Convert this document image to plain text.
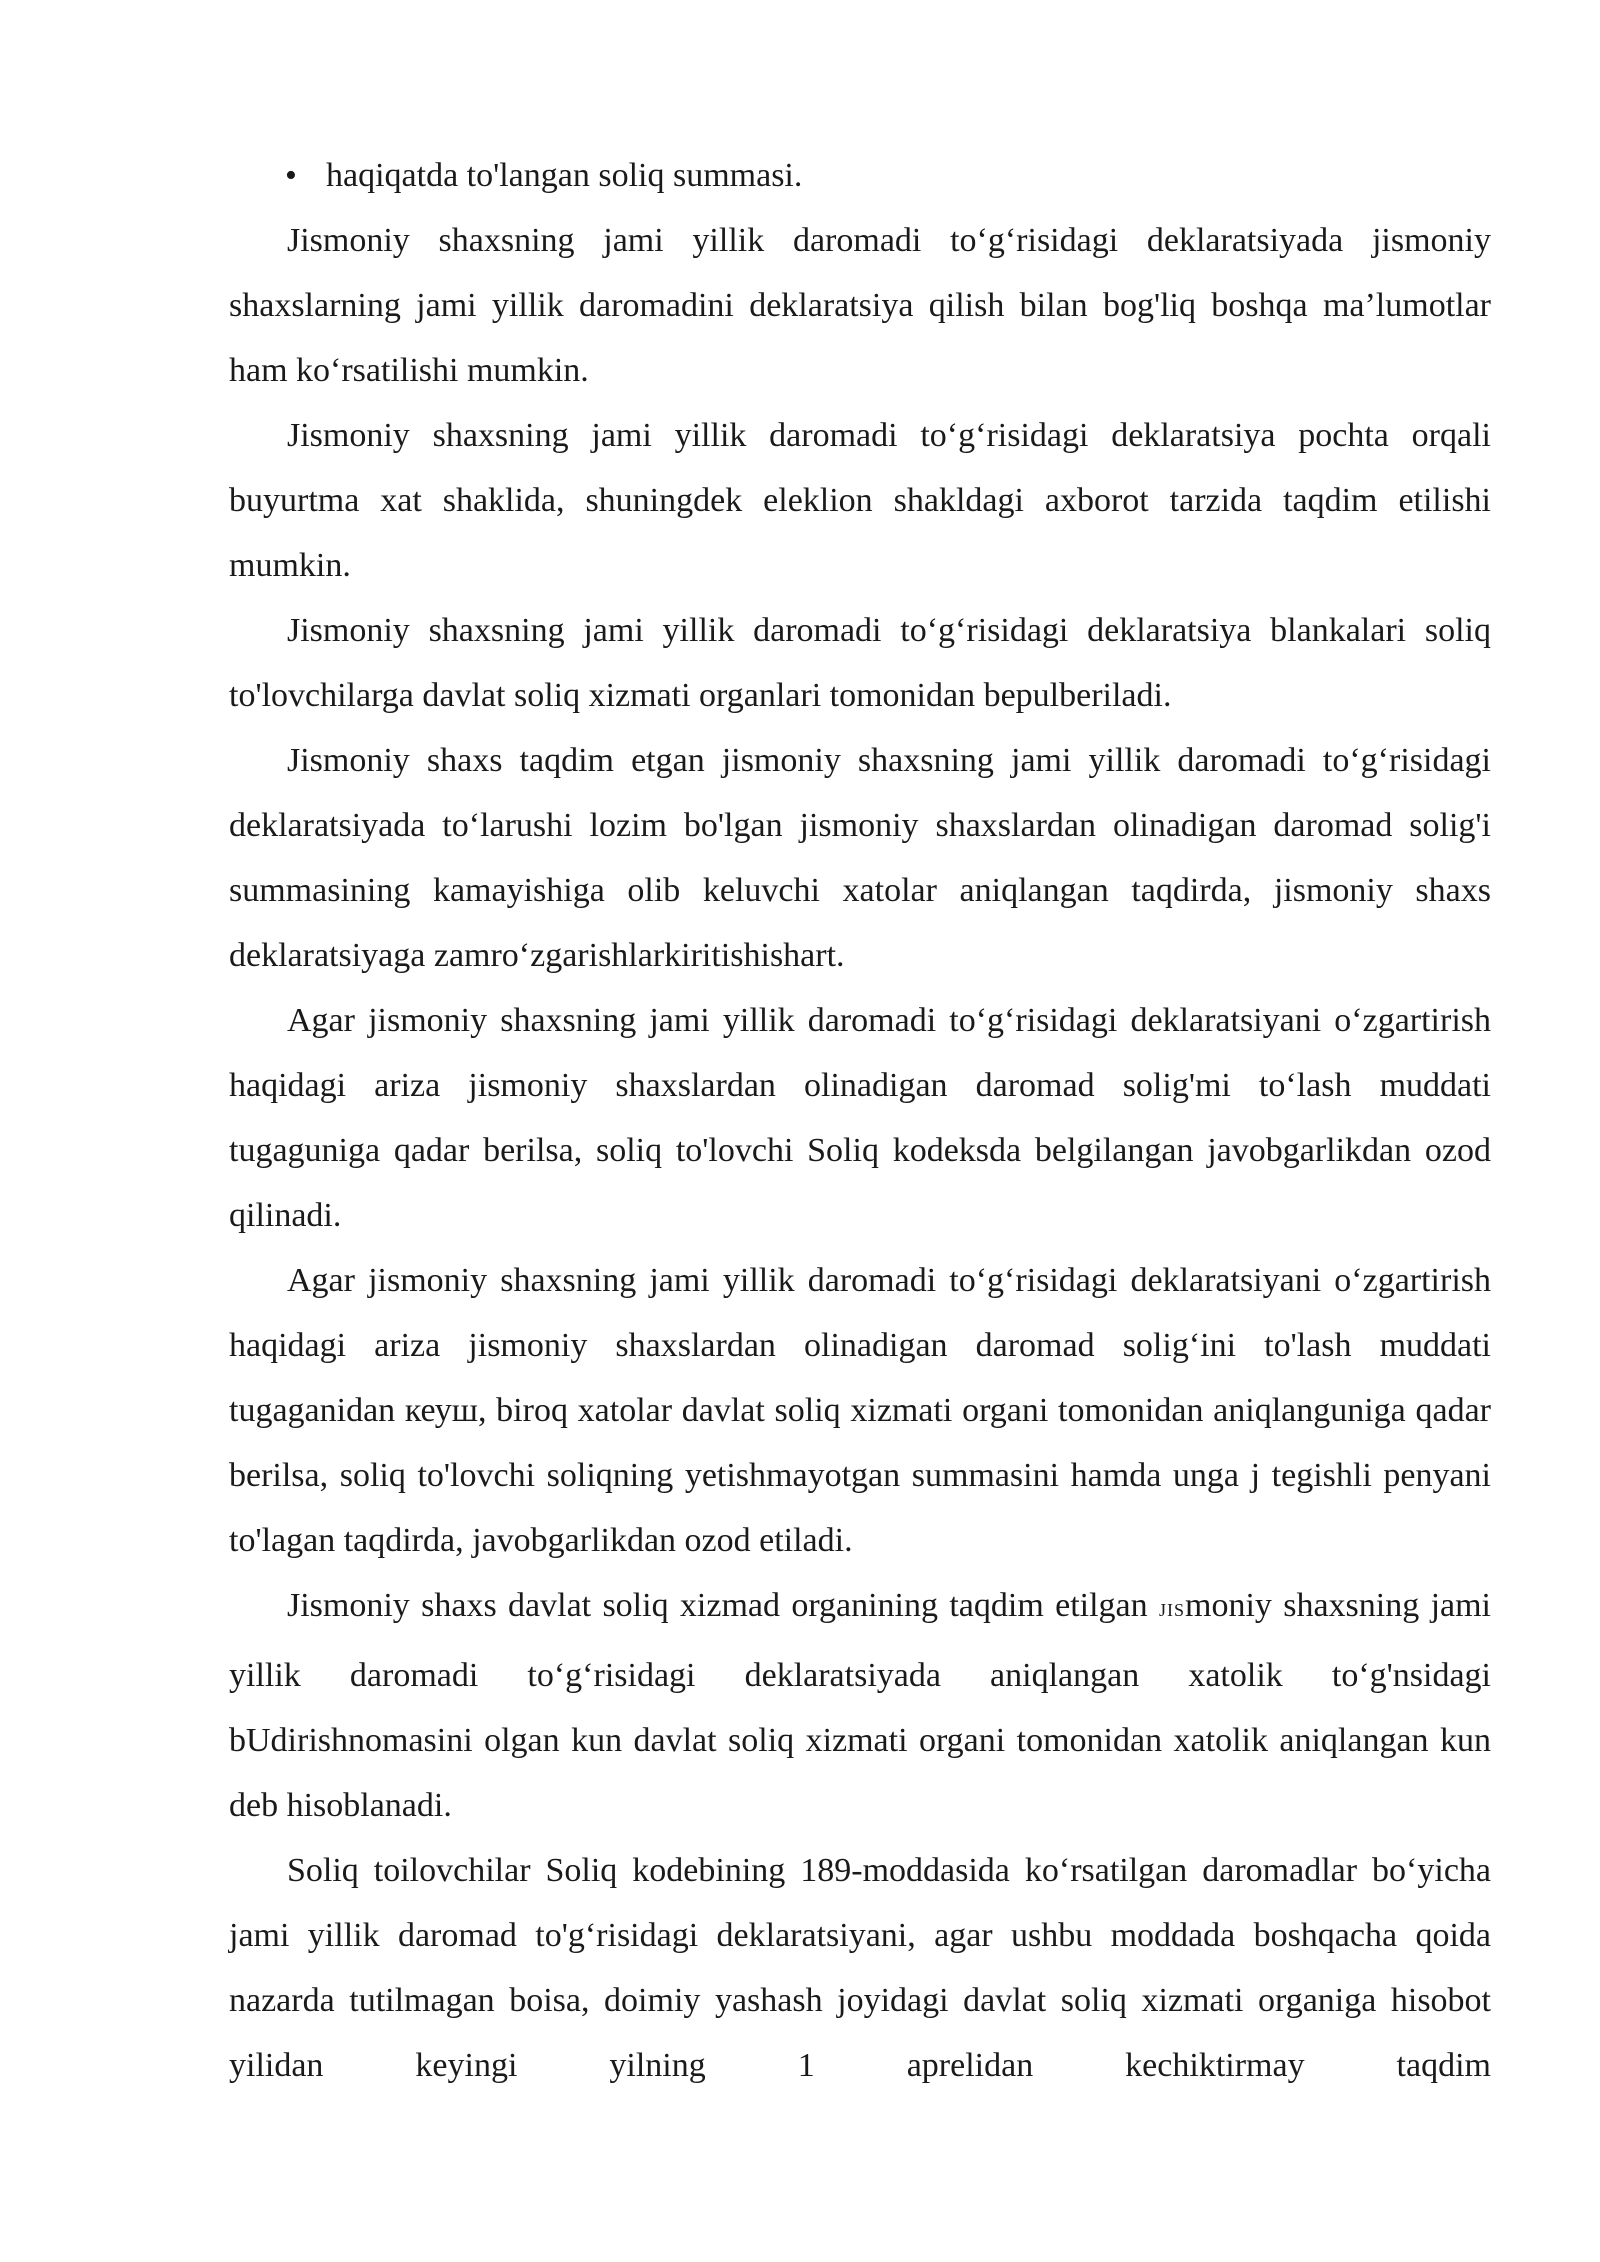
• haqiqatda to'langan soliq summasi.

Jismoniy shaxsning jami yillik daromadi to‘g‘risidagi deklaratsiyada jismoniy shaxslarning jami yillik daromadini deklaratsiya qilish bilan bog'liq boshqa ma’lumotlar ham ko‘rsatilishi mumkin.

Jismoniy shaxsning jami yillik daromadi to‘g‘risidagi deklaratsiya pochta orqali buyurtma xat shaklida, shuningdek eleklion shakldagi axborot tarzida taqdim etilishi mumkin.

Jismoniy shaxsning jami yillik daromadi to‘g‘risidagi deklaratsiya blankalari soliq to'lovchilarga davlat soliq xizmati organlari tomonidan bepulberiladi.

Jismoniy shaxs taqdim etgan jismoniy shaxsning jami yillik daromadi to‘g‘risidagi deklaratsiyada to‘larushi lozim bo'lgan jismoniy shaxslardan olinadigan daromad solig'i summasining kamayishiga olib keluvchi xatolar aniqlangan taqdirda, jismoniy shaxs deklaratsiyaga zamro‘zgarishlarkiritishishart.

Agar jismoniy shaxsning jami yillik daromadi to‘g‘risidagi deklaratsiyani o‘zgartirish haqidagi ariza jismoniy shaxslardan olinadigan daromad solig'mi to‘lash muddati tugaguniga qadar berilsa, soliq to'lovchi Soliq kodeksda belgilangan javobgarlikdan ozod qilinadi.

Agar jismoniy shaxsning jami yillik daromadi to‘g‘risidagi deklaratsiyani o‘zgartirish haqidagi ariza jismoniy shaxslardan olinadigan daromad solig‘ini to'lash muddati tugaganidan кеуш, biroq xatolar davlat soliq xizmati organi tomonidan aniqlanguniga qadar berilsa, soliq to'lovchi soliqning yetishmayotgan summasini hamda unga j tegishli penyani to'lagan taqdirda, javobgarlikdan ozod etiladi.

Jismoniy shaxs davlat soliq xizmad organining taqdim etilgan JISmoniy shaxsning jami yillik daromadi to‘g‘risidagi deklaratsiyada aniqlangan xatolik to‘g'nsidagi bUdirishnomasini olgan kun davlat soliq xizmati organi tomonidan xatolik aniqlangan kun deb hisoblanadi.

Soliq toilovchilar Soliq kodebining 189-moddasida ko‘rsatilgan daromadlar bo‘yicha jami yillik daromad to'g‘risidagi deklaratsiyani, agar ushbu moddada boshqacha qoida nazarda tutilmagan boisa, doimiy yashash joyidagi davlat soliq xizmati organiga hisobot yilidan keyingi yilning 1 aprelidan kechiktirmay taqdim
